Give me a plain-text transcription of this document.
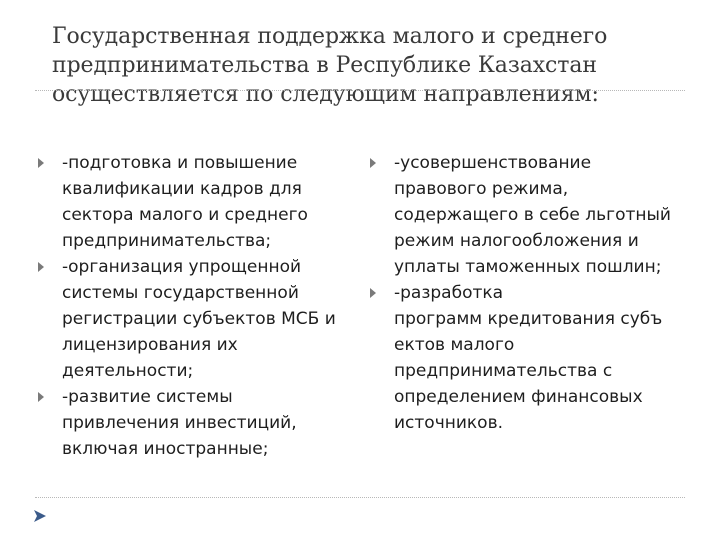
Государственная поддержка малого и среднего
предпринимательства в Республике Казахстан
осуществляется по следующим направлениям:
-подготовка и повышение
квалификации кадров для
сектора малого и среднего
предпринимательства;
-организация упрощенной
системы государственной
регистрации субъектов МСБ и
лицензирования их
деятельности;
-развитие системы
привлечения инвестиций,
включая иностранные;
-усовершенствование
правового режима,
содержащего в себе льготный
режим налогообложения и
уплаты таможенных пошлин;
-разработка
программ кредитования субъ
ектов малого
предпринимательства с
определением финансовых
источников.
